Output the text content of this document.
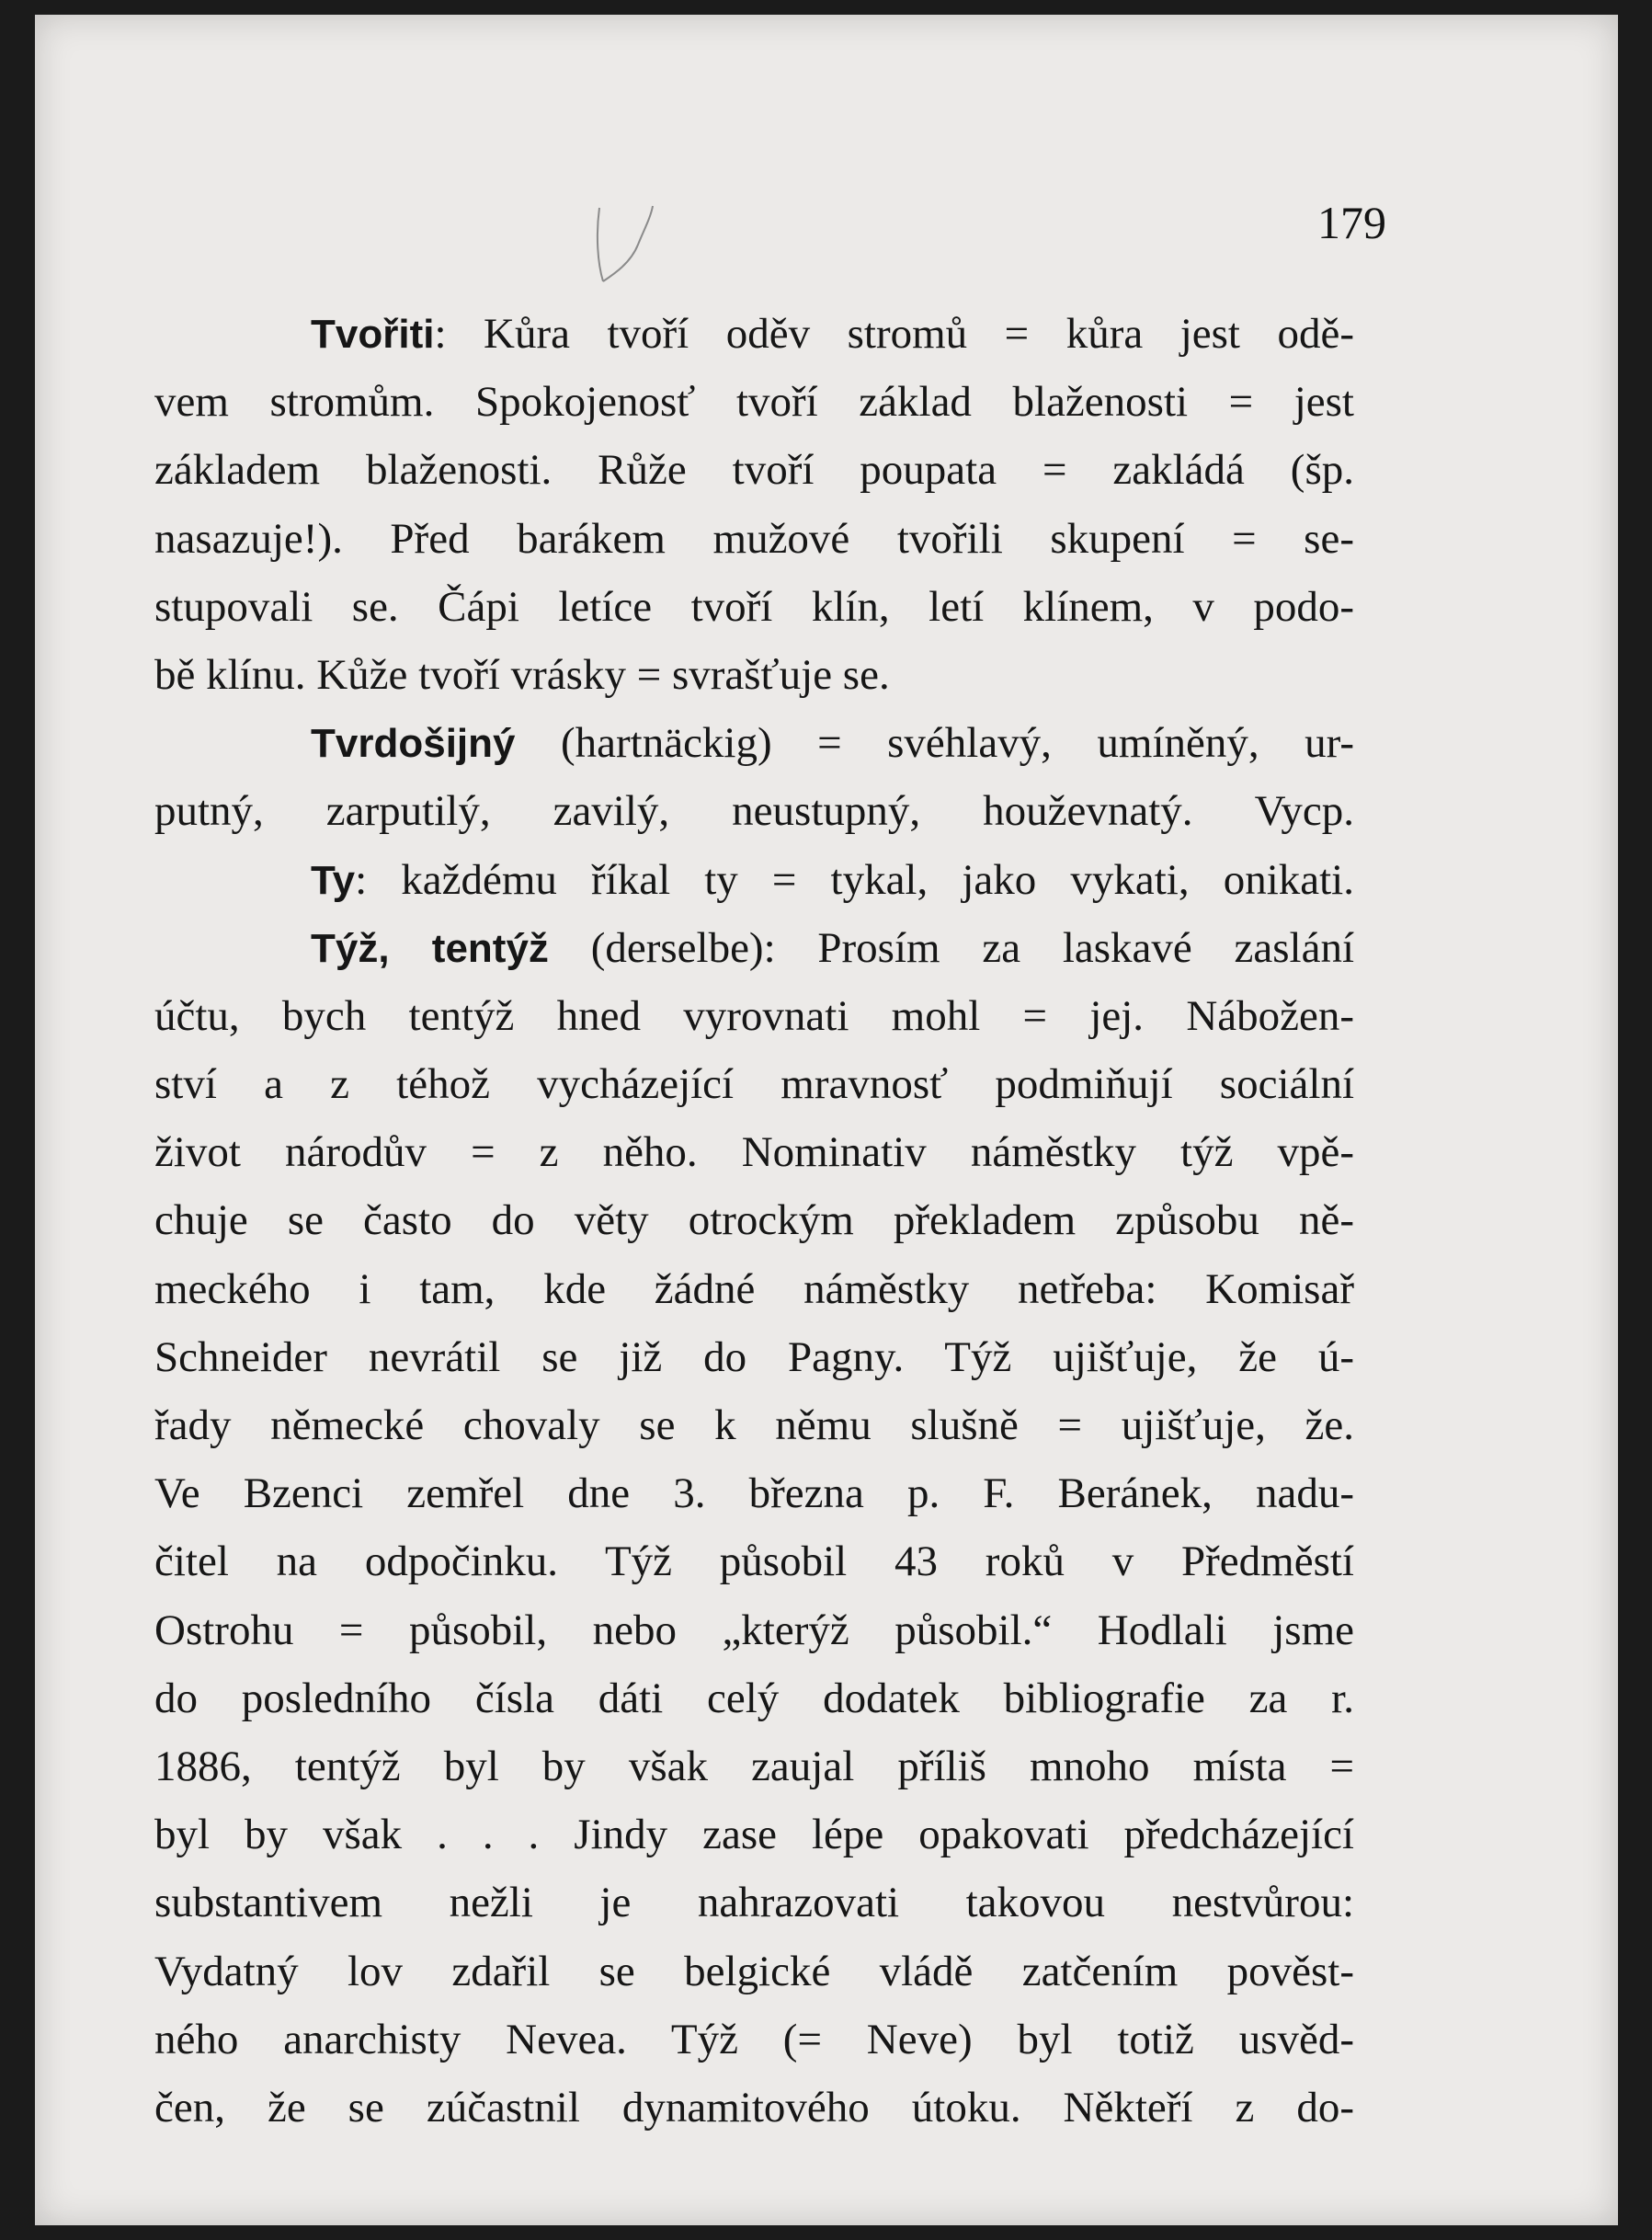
179
Tvořiti: Kůra tvoří oděv stromů = kůra jest odě-
vem stromům. Spokojenosť tvoří základ blaženosti = jest
základem blaženosti. Růže tvoří poupata = zakládá (šp.
nasazuje!). Před barákem mužové tvořili skupení = se-
stupovali se. Čápi letíce tvoří klín, letí klínem, v podo-
bě klínu. Kůže tvoří vrásky = svrašťuje se.
Tvrdošijný (hartnäckig) = svéhlavý, umíněný, ur-
putný, zarputilý, zavilý, neustupný, houževnatý. Vycp.
Ty: každému říkal ty = tykal, jako vykati, onikati.
Týž, tentýž (derselbe): Prosím za laskavé zaslání
účtu, bych tentýž hned vyrovnati mohl = jej. Nábožen-
ství a z téhož vycházející mravnosť podmiňují sociální
život národův = z něho. Nominativ náměstky týž vpě-
chuje se často do věty otrockým překladem způsobu ně-
meckého i tam, kde žádné náměstky netřeba: Komisař
Schneider nevrátil se již do Pagny. Týž ujišťuje, že ú-
řady německé chovaly se k němu slušně = ujišťuje, že.
Ve Bzenci zemřel dne 3. března p. F. Beránek, nadu-
čitel na odpočinku. Týž působil 43 roků v Předměstí
Ostrohu = působil, nebo „kterýž působil.“ Hodlali jsme
do posledního čísla dáti celý dodatek bibliografie za r.
1886, tentýž byl by však zaujal příliš mnoho místa =
byl by však . . . Jindy zase lépe opakovati předcházející
substantivem nežli je nahrazovati takovou nestvůrou:
Vydatný lov zdařil se belgické vládě zatčením pověst-
ného anarchisty Nevea. Týž (= Neve) byl totiž usvěd-
čen, že se zúčastnil dynamitového útoku. Někteří z do-
